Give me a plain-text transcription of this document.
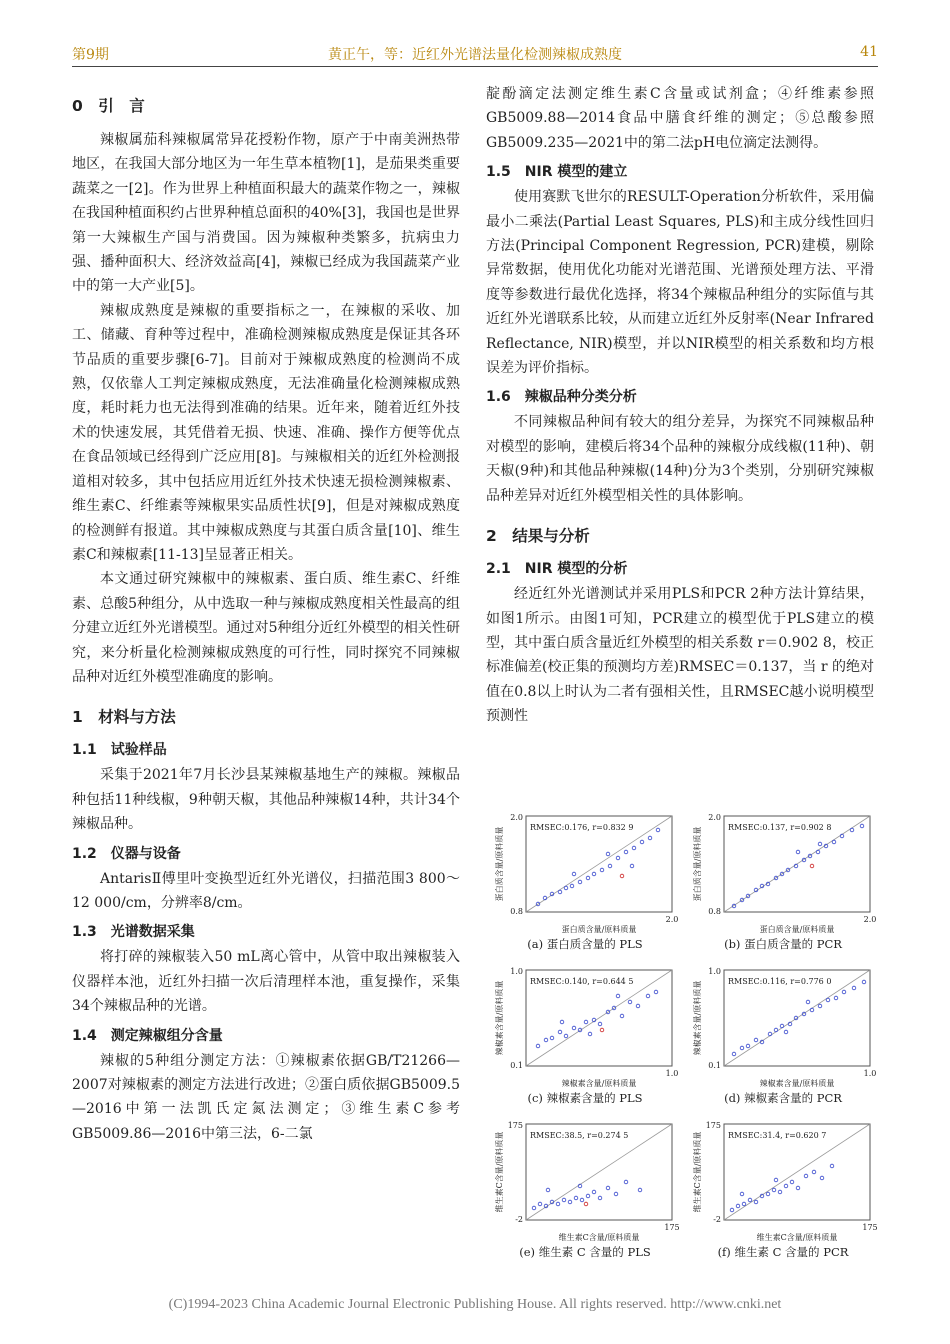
第9期	黄正午，等：近红外光谱法量化检测辣椒成熟度	41
0　引　言

辣椒属茄科辣椒属常异花授粉作物，原产于中南美洲热带地区，在我国大部分地区为一年生草本植物[1]，是茄果类重要蔬菜之一[2]。作为世界上种植面积最大的蔬菜作物之一，辣椒在我国种植面积约占世界种植总面积的40%[3]，我国也是世界第一大辣椒生产国与消费国。因为辣椒种类繁多，抗病虫力强、播种面积大、经济效益高[4]，辣椒已经成为我国蔬菜产业中的第一大产业[5]。

辣椒成熟度是辣椒的重要指标之一，在辣椒的采收、加工、储藏、育种等过程中，准确检测辣椒成熟度是保证其各环节品质的重要步骤[6-7]。目前对于辣椒成熟度的检测尚不成熟，仅依靠人工判定辣椒成熟度，无法准确量化检测辣椒成熟度，耗时耗力也无法得到准确的结果。近年来，随着近红外技术的快速发展，其凭借着无损、快速、准确、操作方便等优点在食品领域已经得到广泛应用[8]。与辣椒相关的近红外检测报道相对较多，其中包括应用近红外技术快速无损检测辣椒素、维生素C、纤维素等辣椒果实品质性状[9]，但是对辣椒成熟度的检测鲜有报道。其中辣椒成熟度与其蛋白质含量[10]、维生素C和辣椒素[11-13]呈显著正相关。

本文通过研究辣椒中的辣椒素、蛋白质、维生素C、纤维素、总酸5种组分，从中选取一种与辣椒成熟度相关性最高的组分建立近红外光谱模型。通过对5种组分近红外模型的相关性研究，来分析量化检测辣椒成熟度的可行性，同时探究不同辣椒品种对近红外模型准确度的影响。

1　材料与方法
1.1　试验样品

采集于2021年7月长沙县某辣椒基地生产的辣椒。辣椒品种包括11种线椒，9种朝天椒，其他品种辣椒14种，共计34个辣椒品种。

1.2　仪器与设备

AntarisⅡ傅里叶变换型近红外光谱仪，扫描范围3 800～12 000/cm，分辨率8/cm。

1.3　光谱数据采集

将打碎的辣椒装入50 mL离心管中，从管中取出辣椒装入仪器样本池，近红外扫描一次后清理样本池，重复操作，采集34个辣椒品种的光谱。

1.4　测定辣椒组分含量

辣椒的5种组分测定方法：①辣椒素依据GB/T21266—2007对辣椒素的测定方法进行改进；②蛋白质依据GB5009.5—2016中第一法凯氏定氮法测定；③维生素C参考GB5009.86—2016中第三法，6-二氯

靛酚滴定法测定维生素C含量或试剂盒；④纤维素参照GB5009.88—2014食品中膳食纤维的测定；⑤总酸参照GB5009.235—2021中的第二法pH电位滴定法测得。

1.5　NIR 模型的建立

使用赛默飞世尔的RESULT-Operation分析软件，采用偏最小二乘法(Partial Least Squares, PLS)和主成分线性回归方法(Principal Component Regression, PCR)建模，剔除异常数据，使用优化功能对光谱范围、光谱预处理方法、平滑度等参数进行最优化选择，将34个辣椒品种组分的实际值与其近红外光谱联系比较，从而建立近红外反射率(Near Infrared Reflectance, NIR)模型，并以NIR模型的相关系数和均方根误差为评价指标。

1.6　辣椒品种分类分析

不同辣椒品种间有较大的组分差异，为探究不同辣椒品种对模型的影响，建模后将34个品种的辣椒分成线椒(11种)、朝天椒(9种)和其他品种辣椒(14种)分为3个类别，分别研究辣椒品种差异对近红外模型相关性的具体影响。

2　结果与分析
2.1　NIR 模型的分析

经近红外光谱测试并采用PLS和PCR 2种方法计算结果，如图1所示。由图1可知，PCR建立的模型优于PLS建立的模型，其中蛋白质含量近红外模型的相关系数 r＝0.902 8，校正标准偏差(校正集的预测均方差)RMSEC＝0.137，当 r 的绝对值在0.8以上时认为二者有强相关性，且RMSEC越小说明模型预测性

RMSEC:0.176, r=0.832 9
0.8
2.0
2.0
蛋白质含量/原料质量
蛋白质含量/原料质量
(a) 蛋白质含量的 PLS
RMSEC:0.137, r=0.902 8
0.8
2.0
2.0
蛋白质含量/原料质量
蛋白质含量/原料质量
(b) 蛋白质含量的 PCR
RMSEC:0.140, r=0.644 5
0.1
1.0
1.0
辣椒素含量/原料质量
辣椒素含量/原料质量
(c) 辣椒素含量的 PLS
RMSEC:0.116, r=0.776 0
0.1
1.0
1.0
辣椒素含量/原料质量
辣椒素含量/原料质量
(d) 辣椒素含量的 PCR
RMSEC:38.5, r=0.274 5
-2
175
175
维生素C含量/原料质量
维生素C含量/原料质量
(e) 维生素 C 含量的 PLS
RMSEC:31.4, r=0.620 7
-2
175
175
维生素C含量/原料质量
维生素C含量/原料质量
(f) 维生素 C 含量的 PCR
(C)1994-2023 China Academic Journal Electronic Publishing House. All rights reserved. http://www.cnki.net
